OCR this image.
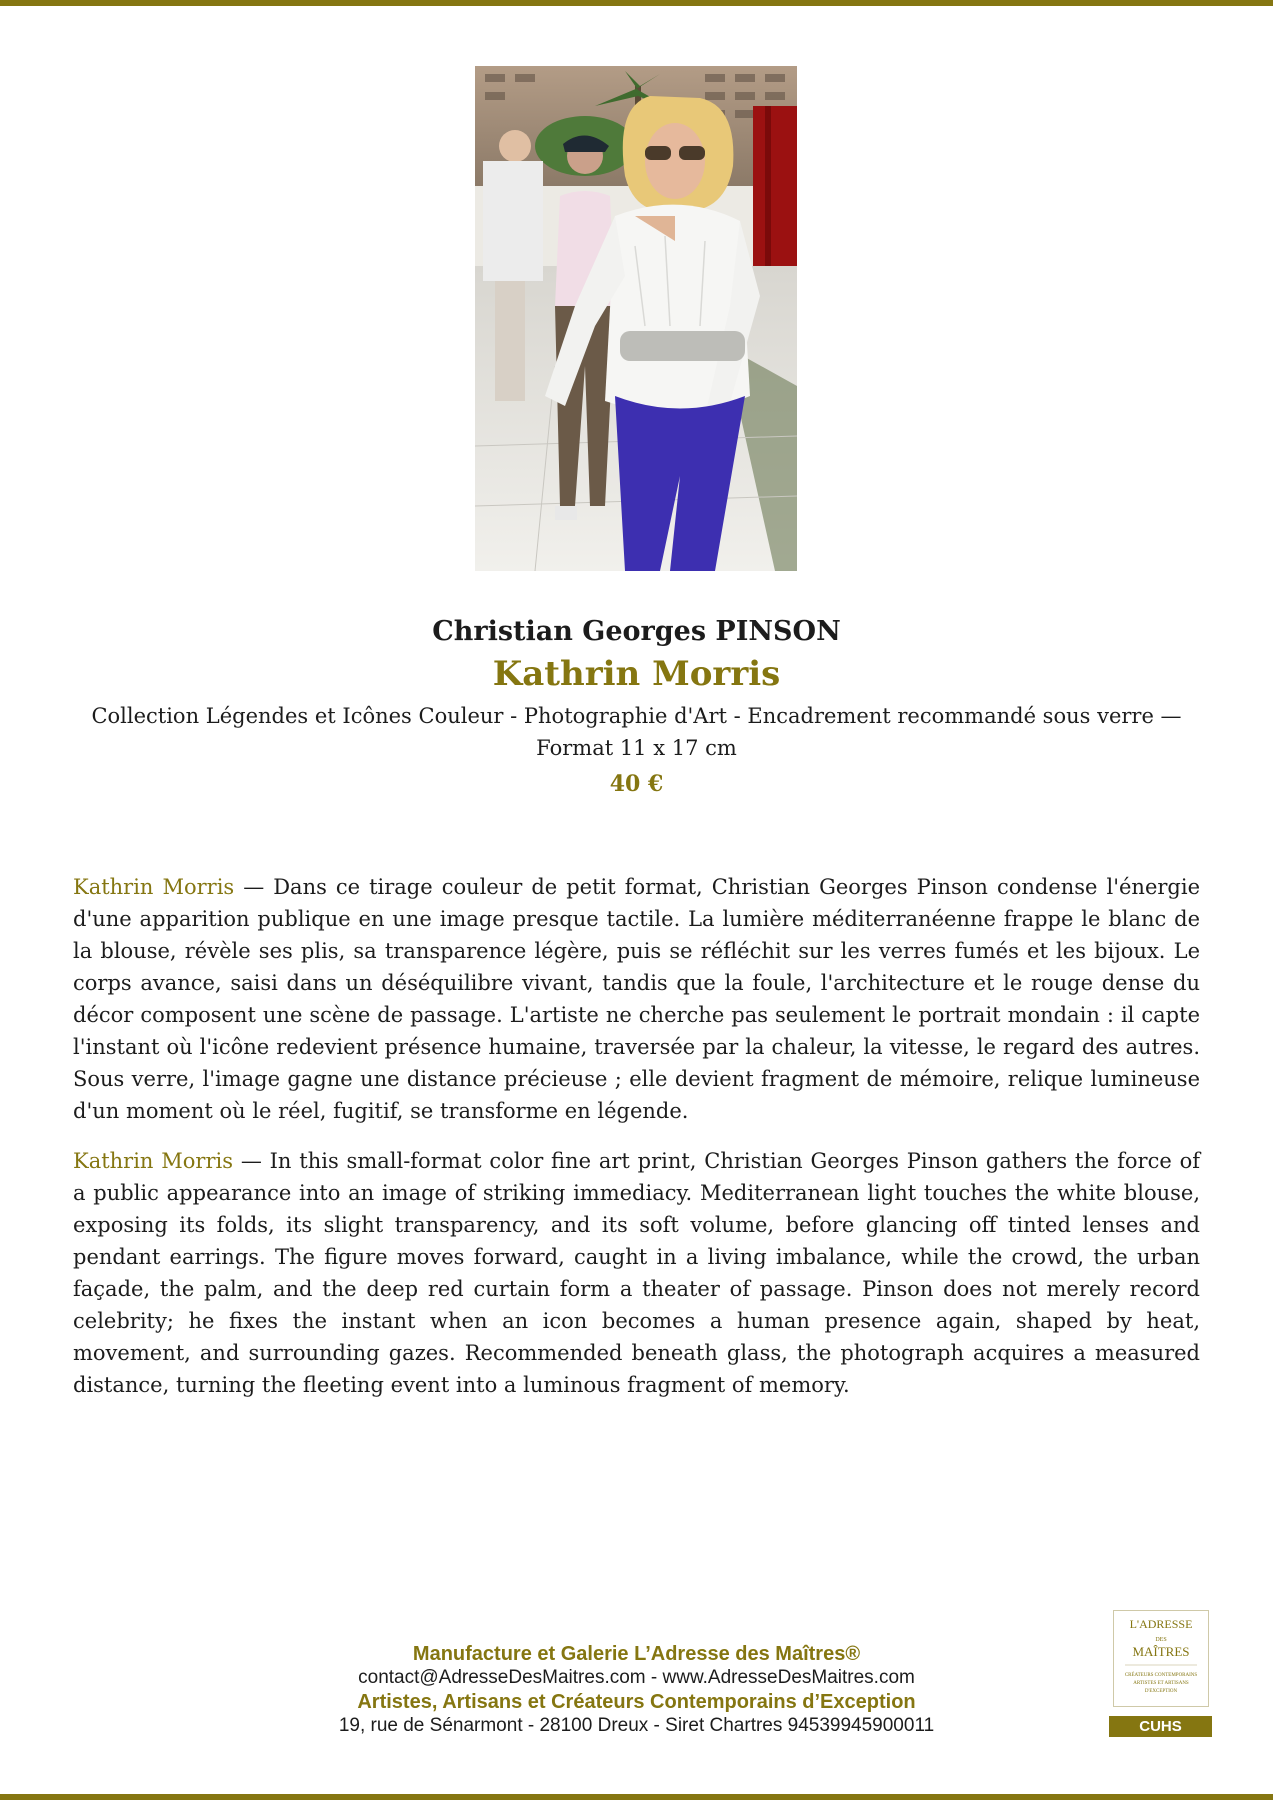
Christian Georges PINSON
Kathrin Morris
Collection Légendes et Icônes Couleur - Photographie d'Art - Encadrement recommandé sous verre — Format 11 x 17 cm
40 €

Kathrin Morris — Dans ce tirage couleur de petit format, Christian Georges Pinson condense l'énergie d'une apparition publique en une image presque tactile. La lumière méditerranéenne frappe le blanc de la blouse, révèle ses plis, sa transparence légère, puis se réfléchit sur les verres fumés et les bijoux. Le corps avance, saisi dans un déséquilibre vivant, tandis que la foule, l'architecture et le rouge dense du décor composent une scène de passage. L'artiste ne cherche pas seulement le portrait mondain : il capte l'instant où l'icône redevient présence humaine, traversée par la chaleur, la vitesse, le regard des autres. Sous verre, l'image gagne une distance précieuse ; elle devient fragment de mémoire, relique lumineuse d'un moment où le réel, fugitif, se transforme en légende.

Kathrin Morris — In this small-format color fine art print, Christian Georges Pinson gathers the force of a public appearance into an image of striking immediacy. Mediterranean light touches the white blouse, exposing its folds, its slight transparency, and its soft volume, before glancing off tinted lenses and pendant earrings. The figure moves forward, caught in a living imbalance, while the crowd, the urban façade, the palm, and the deep red curtain form a theater of passage. Pinson does not merely record celebrity; he fixes the instant when an icon becomes a human presence again, shaped by heat, movement, and surrounding gazes. Recommended beneath glass, the photograph acquires a measured distance, turning the fleeting event into a luminous fragment of memory.

Manufacture et Galerie L’Adresse des Maîtres®
contact@AdresseDesMaitres.com - www.AdresseDesMaitres.com
Artistes, Artisans et Créateurs Contemporains d’Exception
19, rue de Sénarmont - 28100 Dreux - Siret Chartres 94539945900011
L'ADRESSE
DES
MAÎTRES
CRÉATEURS CONTEMPORAINS
ARTISTES ET ARTISANS
D'EXCEPTION
CUHS
